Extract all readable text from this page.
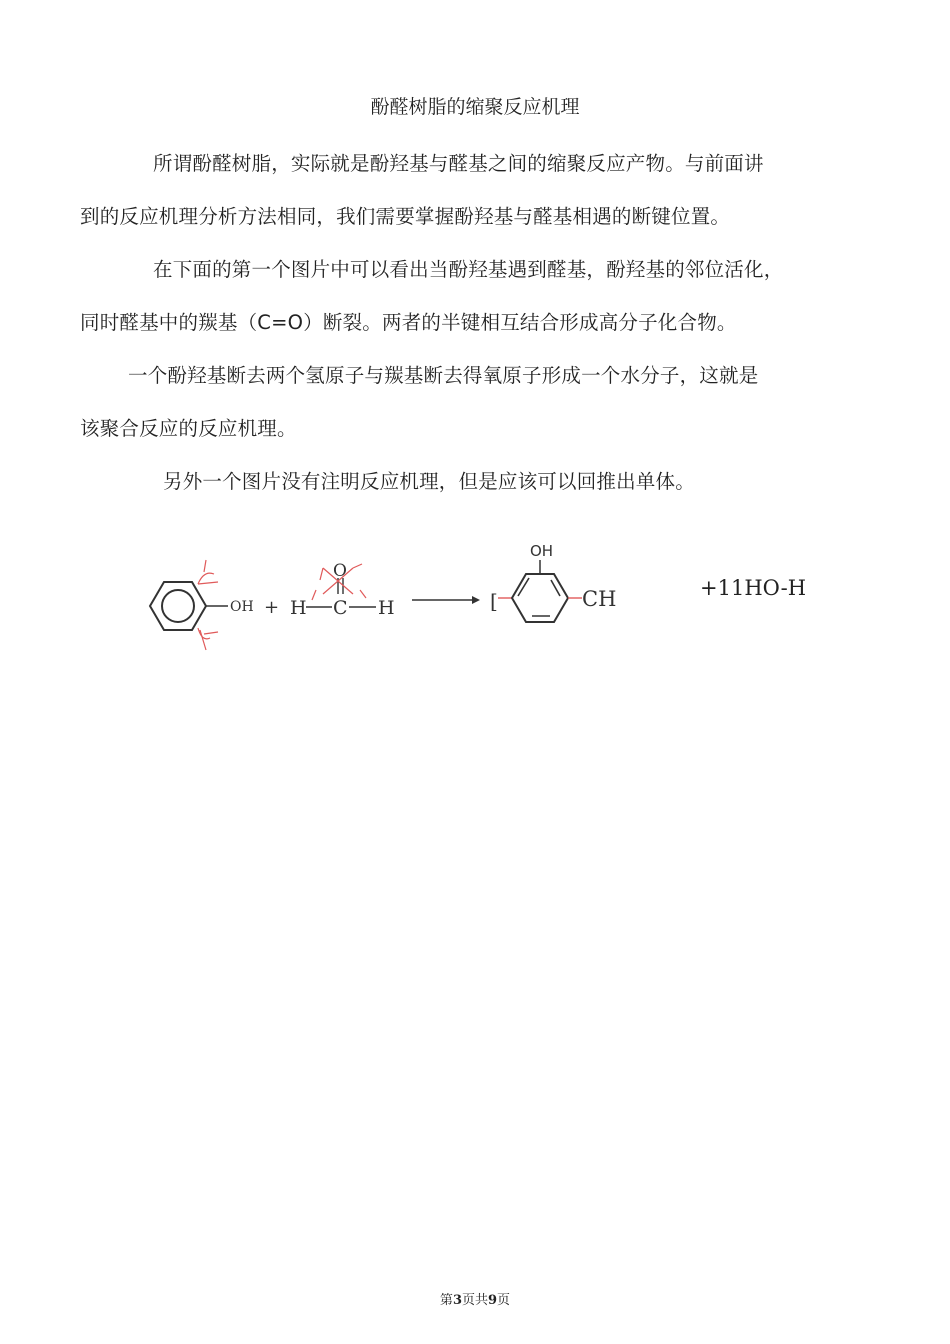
酚醛树脂的缩聚反应机理
所谓酚醛树脂，实际就是酚羟基与醛基之间的缩聚反应产物。与前面讲
到的反应机理分析方法相同，我们需要掌握酚羟基与醛基相遇的断键位置。
在下面的第一个图片中可以看出当酚羟基遇到醛基，酚羟基的邻位活化，
同时醛基中的羰基（C=O）断裂。两者的半键相互结合形成高分子化合物。
一个酚羟基断去两个氢原子与羰基断去得氧原子形成一个水分子，这就是
该聚合反应的反应机理。
另外一个图片没有注明反应机理，但是应该可以回推出单体。
OH + H C H
O
[
OH
CH	+11HO-H
第3页共9页
